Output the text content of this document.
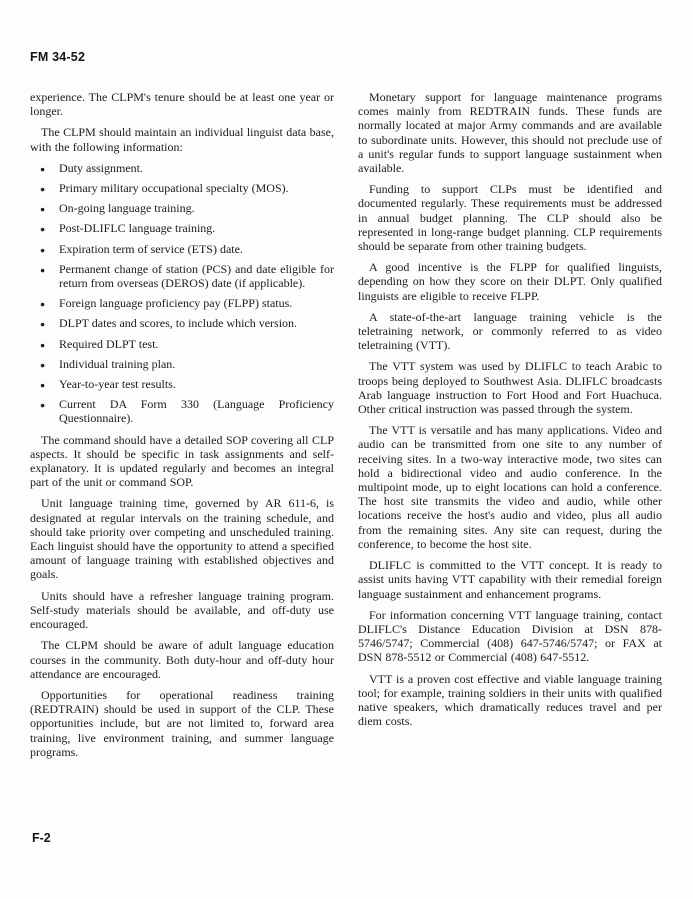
FM 34-52

experience. The CLPM's tenure should be at least one year or longer.

The CLPM should maintain an individual linguist data base, with the following information:

● Duty assignment.
● Primary military occupational specialty (MOS).
● On-going language training.
● Post-DLIFLC language training.
● Expiration term of service (ETS) date.
● Permanent change of station (PCS) and date eligible for return from overseas (DEROS) date (if applicable).
● Foreign language proficiency pay (FLPP) status.
● DLPT dates and scores, to include which version.
● Required DLPT test.
● Individual training plan.
● Year-to-year test results.
● Current DA Form 330 (Language Proficiency Questionnaire).

The command should have a detailed SOP covering all CLP aspects. It should be specific in task assignments and self-explanatory. It is updated regularly and becomes an integral part of the unit or command SOP.

Unit language training time, governed by AR 611-6, is designated at regular intervals on the training schedule, and should take priority over competing and unscheduled training. Each linguist should have the opportunity to attend a specified amount of language training with established objectives and goals.

Units should have a refresher language training program. Self-study materials should be available, and off-duty use encouraged.

The CLPM should be aware of adult language education courses in the community. Both duty-hour and off-duty hour attendance are encouraged.

Opportunities for operational readiness training (REDTRAIN) should be used in support of the CLP. These opportunities include, but are not limited to, forward area training, live environment training, and summer language programs.

Monetary support for language maintenance programs comes mainly from REDTRAIN funds. These funds are normally located at major Army commands and are available to subordinate units. However, this should not preclude use of a unit's regular funds to support language sustainment when available.

Funding to support CLPs must be identified and documented regularly. These requirements must be addressed in annual budget planning. The CLP should also be represented in long-range budget planning. CLP requirements should be separate from other training budgets.

A good incentive is the FLPP for qualified linguists, depending on how they score on their DLPT. Only qualified linguists are eligible to receive FLPP.

A state-of-the-art language training vehicle is the teletraining network, or commonly referred to as video teletraining (VTT).

The VTT system was used by DLIFLC to teach Arabic to troops being deployed to Southwest Asia. DLIFLC broadcasts Arab language instruction to Fort Hood and Fort Huachuca. Other critical instruction was passed through the system.

The VTT is versatile and has many applications. Video and audio can be transmitted from one site to any number of receiving sites. In a two-way interactive mode, two sites can hold a bidirectional video and audio conference. In the multipoint mode, up to eight locations can hold a conference. The host site transmits the video and audio, while other locations receive the host's audio and video, plus all audio from the remaining sites. Any site can request, during the conference, to become the host site.

DLIFLC is committed to the VTT concept. It is ready to assist units having VTT capability with their remedial foreign language sustainment and enhancement programs.

For information concerning VTT language training, contact DLIFLC's Distance Education Division at DSN 878-5746/5747; Commercial (408) 647-5746/5747; or FAX at DSN 878-5512 or Commercial (408) 647-5512.

VTT is a proven cost effective and viable language training tool; for example, training soldiers in their units with qualified native speakers, which dramatically reduces travel and per diem costs.

F-2
